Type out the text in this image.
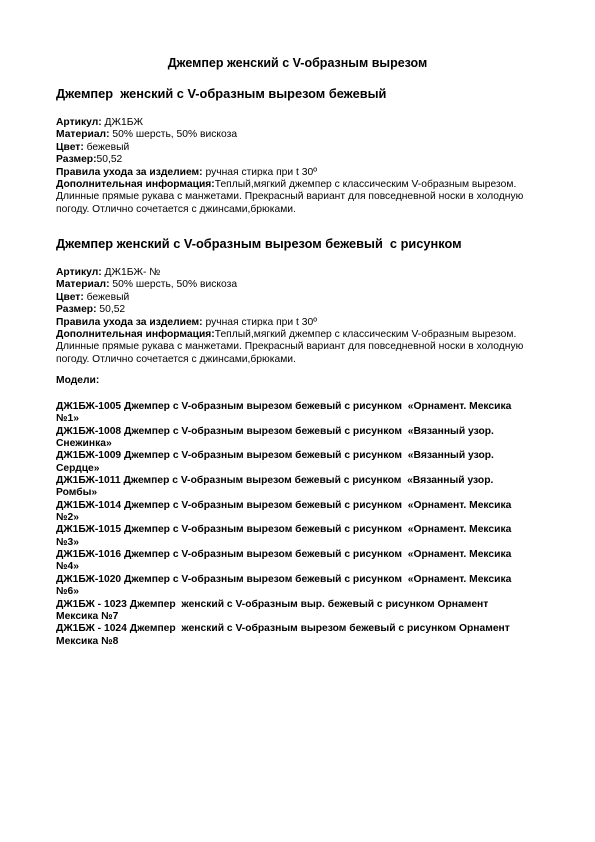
Джемпер женский с V-образным вырезом
Джемпер  женский с V-образным вырезом бежевый
Артикул: ДЖ1БЖ
Материал: 50% шерсть, 50% вискоза
Цвет: бежевый
Размер:50,52
Правила ухода за изделием: ручная стирка при t 30º
Дополнительная информация:Теплый,мягкий джемпер с классическим V-образным вырезом. Длинные прямые рукава с манжетами. Прекрасный вариант для повседневной носки в холодную погоду. Отлично сочетается с джинсами,брюками.
Джемпер женский с V-образным вырезом бежевый  с рисунком
Артикул: ДЖ1БЖ- №
Материал: 50% шерсть, 50% вискоза
Цвет: бежевый
Размер: 50,52
Правила ухода за изделием: ручная стирка при t 30º
Дополнительная информация:Теплый,мягкий джемпер с классическим V-образным вырезом. Длинные прямые рукава с манжетами. Прекрасный вариант для повседневной носки в холодную погоду. Отлично сочетается с джинсами,брюками.

Модели:

ДЖ1БЖ-1005 Джемпер с V-образным вырезом бежевый с рисунком  «Орнамент. Мексика №1»
ДЖ1БЖ-1008 Джемпер с V-образным вырезом бежевый с рисунком  «Вязанный узор. Снежинка»
ДЖ1БЖ-1009 Джемпер с V-образным вырезом бежевый с рисунком  «Вязанный узор. Сердце»
ДЖ1БЖ-1011 Джемпер с V-образным вырезом бежевый с рисунком  «Вязанный узор. Ромбы»
ДЖ1БЖ-1014 Джемпер с V-образным вырезом бежевый с рисунком  «Орнамент. Мексика №2»
ДЖ1БЖ-1015 Джемпер с V-образным вырезом бежевый с рисунком  «Орнамент. Мексика №3»
ДЖ1БЖ-1016 Джемпер с V-образным вырезом бежевый с рисунком  «Орнамент. Мексика №4»
ДЖ1БЖ-1020 Джемпер с V-образным вырезом бежевый с рисунком  «Орнамент. Мексика №6»
ДЖ1БЖ - 1023 Джемпер  женский с V-образным выр. бежевый с рисунком Орнамент Мексика №7
ДЖ1БЖ - 1024 Джемпер  женский с V-образным вырезом бежевый с рисунком Орнамент Мексика №8
